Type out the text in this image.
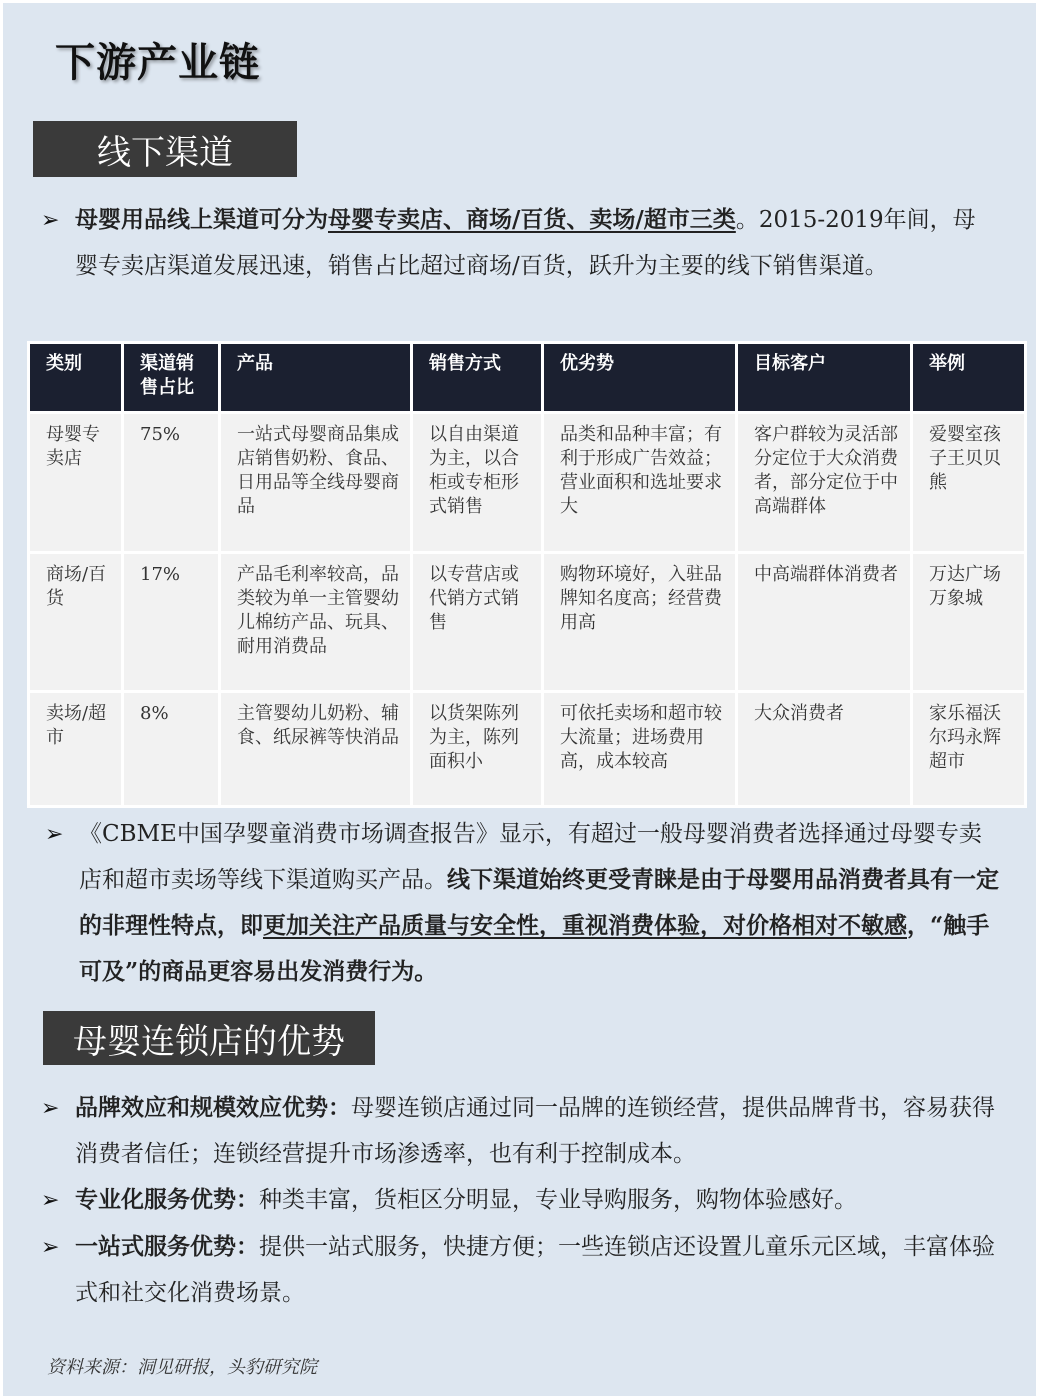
下游产业链
线下渠道
➢ 母婴用品线上渠道可分为母婴专卖店、商场/百货、卖场/超市三类。2015-2019年间，母婴专卖店渠道发展迅速，销售占比超过商场/百货，跃升为主要的线下销售渠道。
类别	渠道销售占比	产品	销售方式	优劣势	目标客户	举例
母婴专卖店	75%	一站式母婴商品集成店销售奶粉、食品、日用品等全线母婴商品	以自由渠道为主，以合柜或专柜形式销售	品类和品种丰富；有利于形成广告效益；营业面积和选址要求大	客户群较为灵活部分定位于大众消费者，部分定位于中高端群体	爱婴室孩子王贝贝熊
商场/百货	17%	产品毛利率较高，品类较为单一主管婴幼儿棉纺产品、玩具、耐用消费品	以专营店或代销方式销售	购物环境好，入驻品牌知名度高；经营费用高	中高端群体消费者	万达广场万象城
卖场/超市	8%	主管婴幼儿奶粉、辅食、纸尿裤等快消品	以货架陈列为主，陈列面积小	可依托卖场和超市较大流量；进场费用高，成本较高	大众消费者	家乐福沃尔玛永辉超市
➢ 《CBME中国孕婴童消费市场调查报告》显示，有超过一般母婴消费者选择通过母婴专卖店和超市卖场等线下渠道购买产品。线下渠道始终更受青睐是由于母婴用品消费者具有一定的非理性特点，即更加关注产品质量与安全性，重视消费体验，对价格相对不敏感，“触手可及”的商品更容易出发消费行为。
母婴连锁店的优势
➢ 品牌效应和规模效应优势：母婴连锁店通过同一品牌的连锁经营，提供品牌背书，容易获得消费者信任；连锁经营提升市场渗透率，也有利于控制成本。
➢ 专业化服务优势：种类丰富，货柜区分明显，专业导购服务，购物体验感好。
➢ 一站式服务优势：提供一站式服务，快捷方便；一些连锁店还设置儿童乐元区域，丰富体验式和社交化消费场景。
资料来源：洞见研报，头豹研究院
